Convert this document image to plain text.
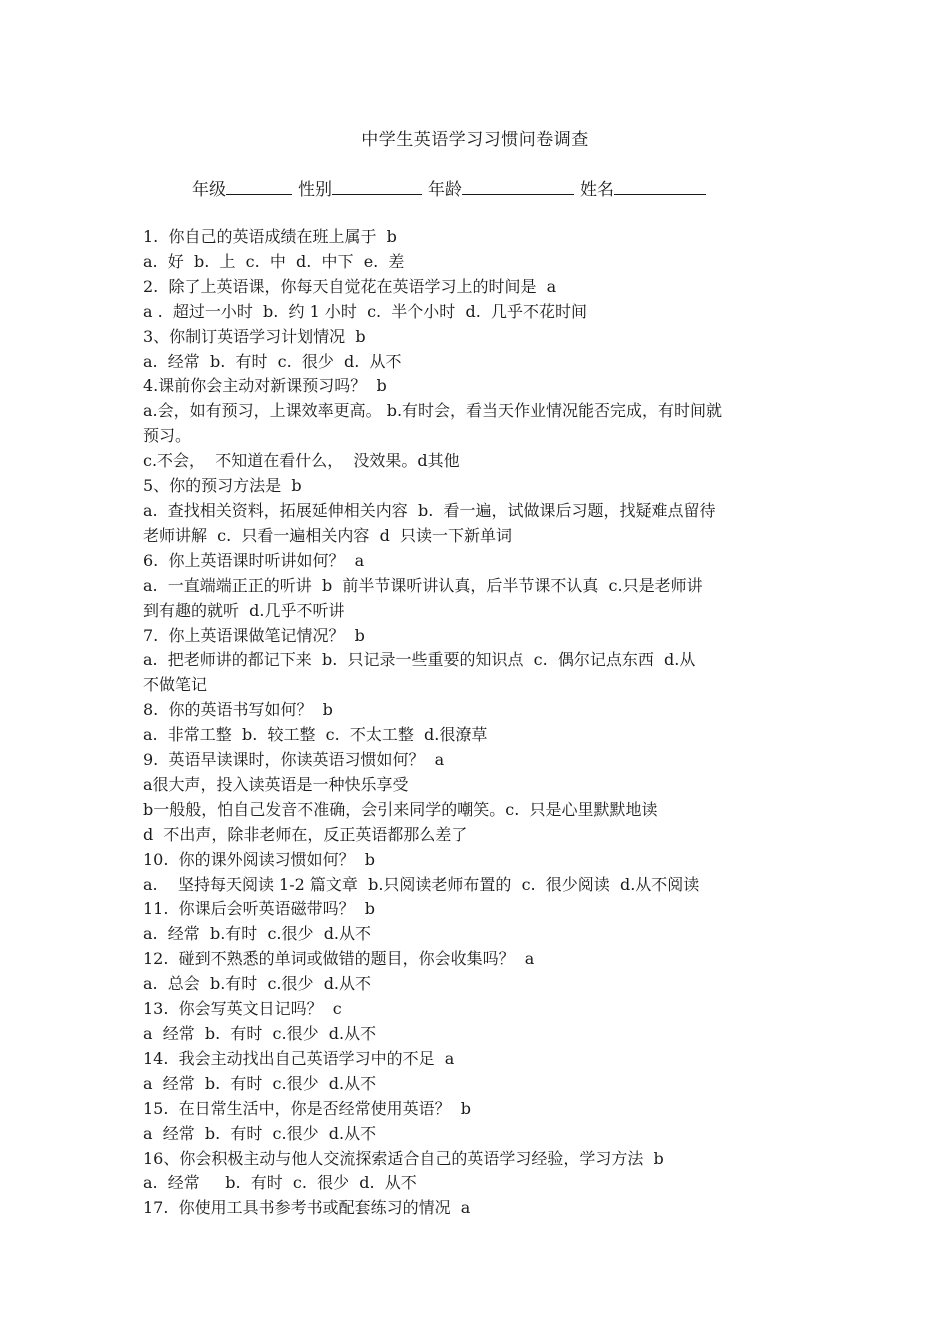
中学生英语学习习惯问卷调查
年级	性别	年龄	姓名

1.  你自己的英语成绩在班上属于  b

a.  好  b.  上  c.  中  d.  中下  e.  差

2.  除了上英语课，你每天自觉花在英语学习上的时间是  a

a .  超过一小时  b.  约 1 小时  c.  半个小时  d.  几乎不花时间

3、你制订英语学习计划情况  b

a.  经常  b.  有时  c.  很少  d.  从不

4.课前你会主动对新课预习吗？  b

a.会，如有预习，上课效率更高。 b.有时会，看当天作业情况能否完成，有时间就

预习。

c.不会，  不知道在看什么，  没效果。d其他

5、你的预习方法是  b

a.  查找相关资料，拓展延伸相关内容  b.  看一遍，试做课后习题，找疑难点留待

老师讲解  c.  只看一遍相关内容  d  只读一下新单词

6.  你上英语课时听讲如何？  a

a.  一直端端正正的听讲  b  前半节课听讲认真，后半节课不认真  c.只是老师讲

到有趣的就听  d.几乎不听讲

7.  你上英语课做笔记情况？  b

a.  把老师讲的都记下来  b.  只记录一些重要的知识点  c.  偶尔记点东西  d.从

不做笔记

8.  你的英语书写如何？  b

a.  非常工整  b.  较工整  c.  不太工整  d.很潦草

9.  英语早读课时，你读英语习惯如何？  a

a很大声，投入读英语是一种快乐享受

b一般般，怕自己发音不准确，会引来同学的嘲笑。c.  只是心里默默地读

d  不出声，除非老师在，反正英语都那么差了

10.  你的课外阅读习惯如何？  b

a.    坚持每天阅读 1-2 篇文章  b.只阅读老师布置的  c.  很少阅读  d.从不阅读

11.  你课后会听英语磁带吗？  b

a.  经常  b.有时  c.很少  d.从不

12.  碰到不熟悉的单词或做错的题目，你会收集吗？  a

a.  总会  b.有时  c.很少  d.从不

13.  你会写英文日记吗？  c

a  经常  b.  有时  c.很少  d.从不

14.  我会主动找出自己英语学习中的不足  a

a  经常  b.  有时  c.很少  d.从不

15.  在日常生活中，你是否经常使用英语？  b

a  经常  b.  有时  c.很少  d.从不

16、你会积极主动与他人交流探索适合自己的英语学习经验，学习方法  b

a.  经常     b.  有时  c.  很少  d.  从不

17.  你使用工具书参考书或配套练习的情况  a
